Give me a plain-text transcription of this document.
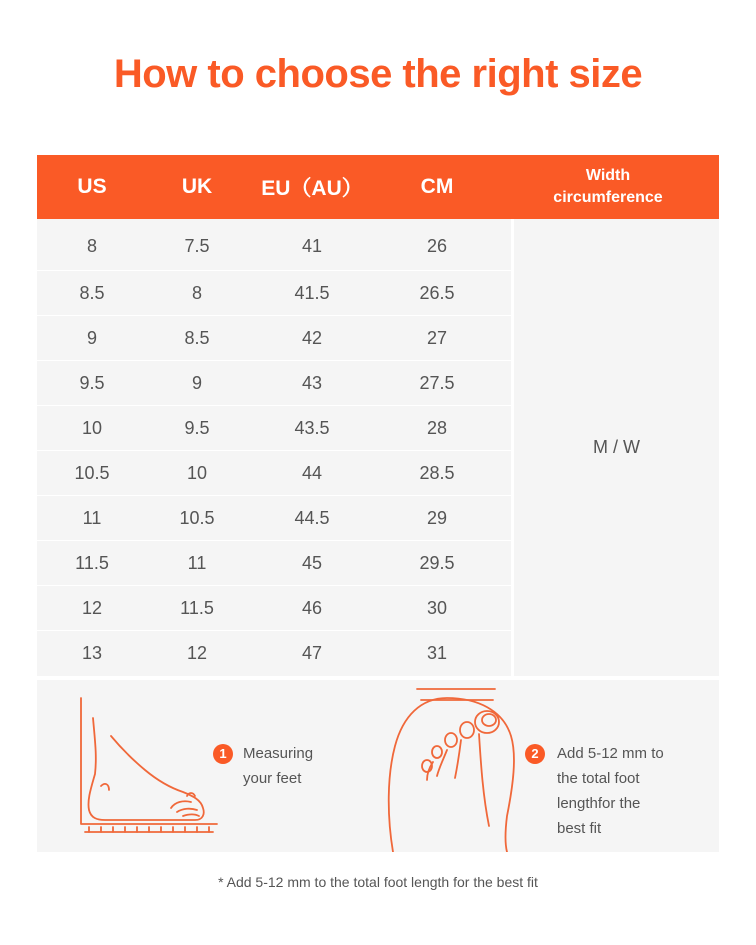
How to choose the right size
US	UK	EU（AU）	CM	Width
circumference
8	7.5	41	26
8.5	8	41.5	26.5
9	8.5	42	27
9.5	9	43	27.5
10	9.5	43.5	28
10.5	10	44	28.5
11	10.5	44.5	29
11.5	11	45	29.5
12	11.5	46	30
13	12	47	31
M / W
1	Measuring
your feet
2	Add 5-12 mm to
the total foot
lengthfor the
best fit
* Add 5-12 mm to the total foot length for the best fit
